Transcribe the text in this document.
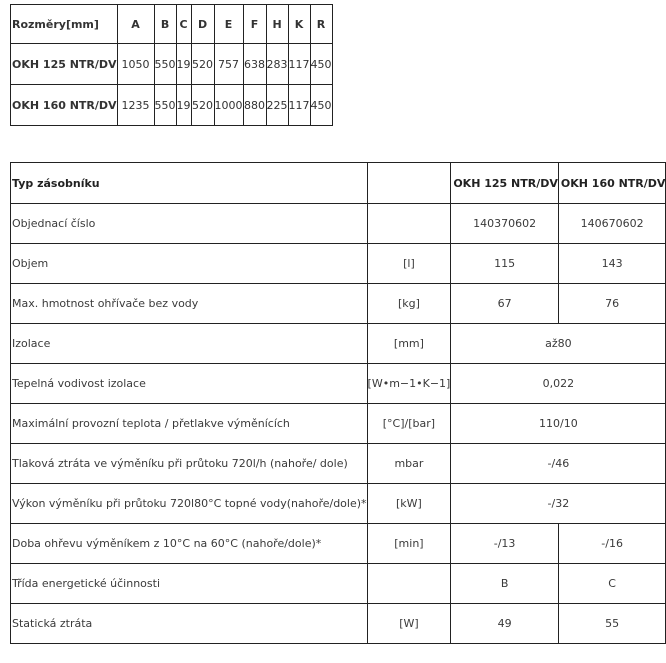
Rozměry[mm]	A	B	C	D	E	F	H	K	R
OKH 125 NTR/DV	1050	550	19	520	757	638	283	117	450
OKH 160 NTR/DV	1235	550	19	520	1000	880	225	117	450
Typ zásobníku		OKH 125 NTR/DV	OKH 160 NTR/DV
Objednací číslo		140370602	140670602
Objem	[l]	115	143
Max. hmotnost ohřívače bez vody	[kg]	67	76
Izolace	[mm]	až80	
Tepelná vodivost izolace	[W•m−1•K−1]	0,022	
Maximální provozní teplota / přetlakve výměnících	[°C]/[bar]	110/10	
Tlaková ztráta ve výměníku při průtoku 720l/h (nahoře/ dole)	mbar	-/46	
Výkon výměníku při průtoku 720l80°C topné vody(nahoře/dole)*	[kW]	-/32	
Doba ohřevu výměníkem z 10°C na 60°C (nahoře/dole)*	[min]	-/13	-/16
Třída energetické účinnosti		B	C
Statická ztráta	[W]	49	55
